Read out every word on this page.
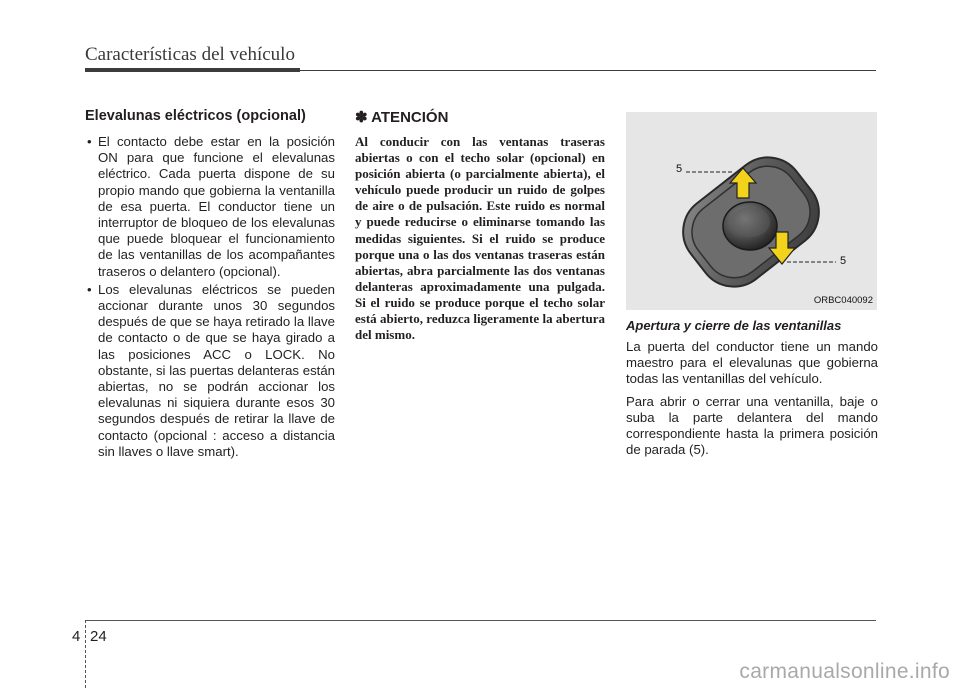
Características del vehículo
Elevalunas eléctricos (opcional)
• El contacto debe estar en la posición ON para que funcione el elevalunas eléctrico. Cada puerta dispone de su propio mando que gobierna la ventanilla de esa puerta. El conductor tiene un interruptor de bloqueo de los elevalunas que puede bloquear el funcionamiento de las ventanillas de los acompañantes traseros o delantero (opcional).
• Los elevalunas eléctricos se pueden accionar durante unos 30 segundos después de que se haya retirado la llave de contacto o de que se haya girado a las posiciones ACC o LOCK. No obstante, si las puertas delanteras están abiertas, no se podrán accionar los elevalunas ni siquiera durante esos 30 segundos después de retirar la llave de contacto (opcional : acceso a distancia sin llaves o llave smart).
✽ ATENCIÓN

Al conducir con las ventanas traseras abiertas o con el techo solar (opcional) en posición abierta (o parcialmente abierta), el vehículo puede producir un ruido de golpes de aire o de pulsación. Este ruido es normal y puede reducirse o eliminarse tomando las medidas siguientes. Si el ruido se produce porque una o las dos ventanas traseras están abiertas, abra parcialmente las dos ventanas delanteras aproximadamente una pulgada. Si el ruido se produce porque el techo solar está abierto, reduzca ligeramente la abertura del mismo.

5
5
ORBC040092
Apertura y cierre de las ventanillas

La puerta del conductor tiene un mando maestro para el elevalunas que gobierna todas las ventanillas del vehículo.

Para abrir o cerrar una ventanilla, baje o suba la parte delantera del mando correspondiente hasta la primera posición de parada (5).

4 24
carmanualsonline.info
